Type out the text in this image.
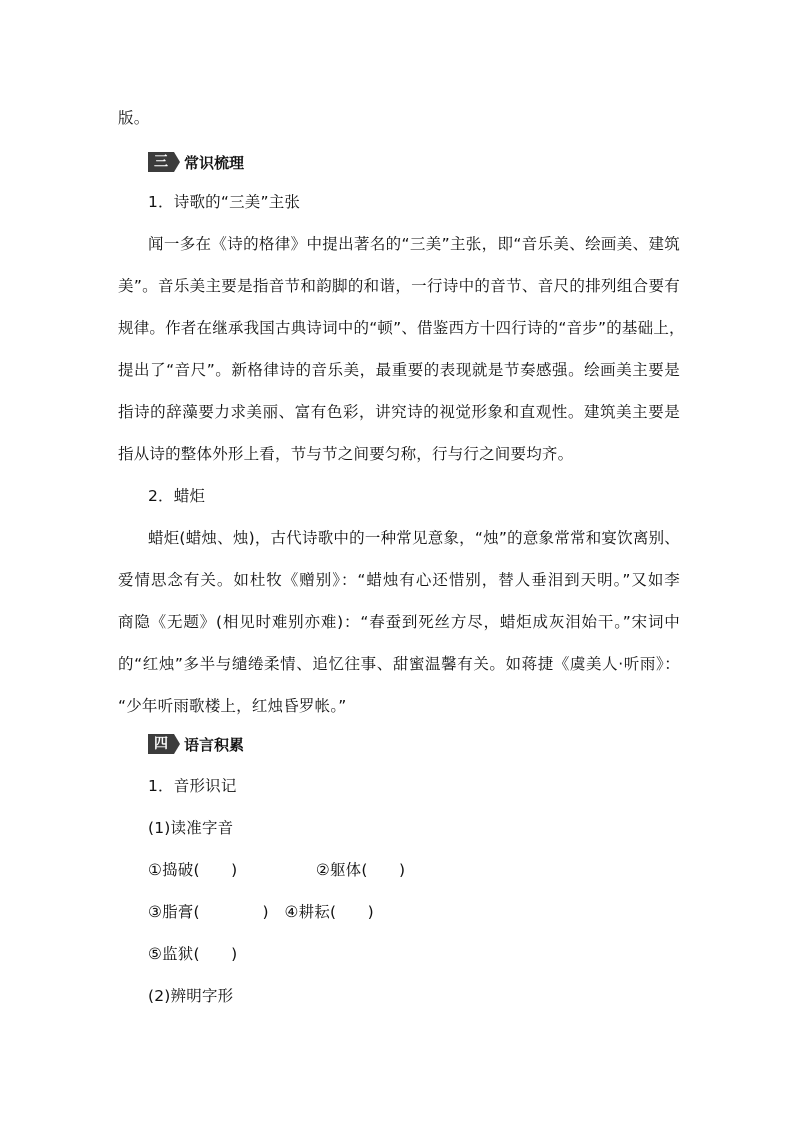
版。
三	常识梳理
1．诗歌的“三美”主张
闻一多在《诗的格律》中提出著名的“三美”主张，即“音乐美、绘画美、建筑
美”。音乐美主要是指音节和韵脚的和谐，一行诗中的音节、音尺的排列组合要有
规律。作者在继承我国古典诗词中的“顿”、借鉴西方十四行诗的“音步”的基础上，
提出了“音尺”。新格律诗的音乐美，最重要的表现就是节奏感强。绘画美主要是
指诗的辞藻要力求美丽、富有色彩，讲究诗的视觉形象和直观性。建筑美主要是
指从诗的整体外形上看，节与节之间要匀称，行与行之间要均齐。
2．蜡炬
蜡炬(蜡烛、烛)，古代诗歌中的一种常见意象，“烛”的意象常常和宴饮离别、
爱情思念有关。如杜牧《赠别》：“蜡烛有心还惜别，替人垂泪到天明。”又如李
商隐《无题》(相见时难别亦难)：“春蚕到死丝方尽，蜡炬成灰泪始干。”宋词中
的“红烛”多半与缱绻柔情、追忆往事、甜蜜温馨有关。如蒋捷《虞美人·听雨》：
“少年听雨歌楼上，红烛昏罗帐。”
四	语言积累
1．音形识记
(1)读准字音
①捣破(　　)　　　　　②躯体(　　)
③脂膏(　　　　)　④耕耘(　　)
⑤监狱(　　)
(2)辨明字形
